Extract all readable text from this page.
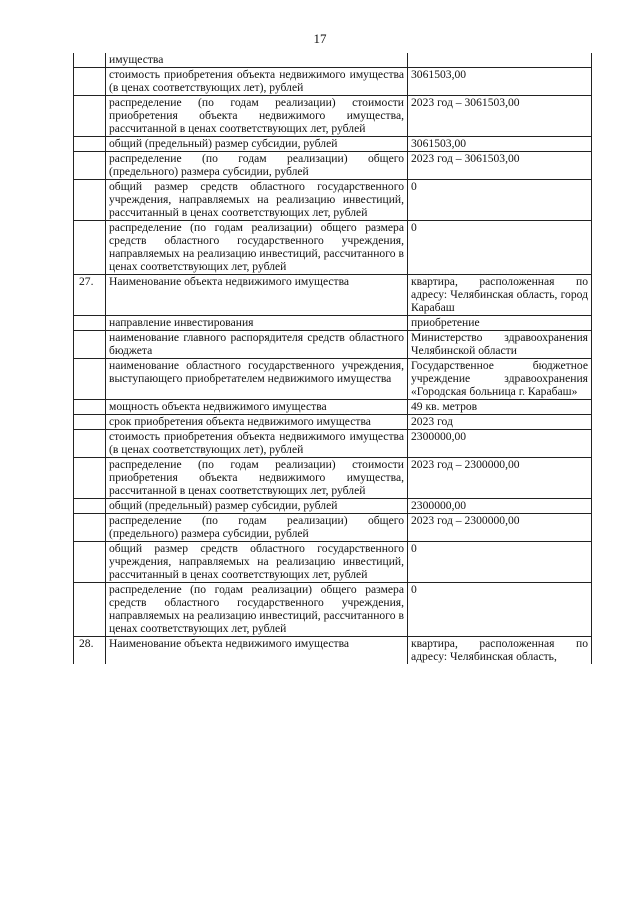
17
	имущества	
	стоимость приобретения объекта недвижимого имущества (в ценах соответствующих лет), рублей	3061503,00
	распределение (по годам реализации) стоимости приобретения объекта недвижимого имущества, рассчитанной в ценах соответствующих лет, рублей	2023 год – 3061503,00
	общий (предельный) размер субсидии, рублей	3061503,00
	распределение (по годам реализации) общего (предельного) размера субсидии, рублей	2023 год – 3061503,00
	общий размер средств областного государственного учреждения, направляемых на реализацию инвестиций, рассчитанный в ценах соответствующих лет, рублей	0
	распределение (по годам реализации) общего размера средств областного государственного учреждения, направляемых на реализацию инвестиций, рассчитанного в ценах соответствующих лет, рублей	0
27.	Наименование объекта недвижимого имущества	квартира, расположенная по адресу: Челябинская область, город Карабаш
	направление инвестирования	приобретение
	наименование главного распорядителя средств областного бюджета	Министерство здравоохранения Челябинской области
	наименование областного государственного учреждения, выступающего приобретателем недвижимого имущества	Государственное бюджетное учреждение здравоохранения «Городская больница г. Карабаш»
	мощность объекта недвижимого имущества	49 кв. метров
	срок приобретения объекта недвижимого имущества	2023 год
	стоимость приобретения объекта недвижимого имущества (в ценах соответствующих лет), рублей	2300000,00
	распределение (по годам реализации) стоимости приобретения объекта недвижимого имущества, рассчитанной в ценах соответствующих лет, рублей	2023 год – 2300000,00
	общий (предельный) размер субсидии, рублей	2300000,00
	распределение (по годам реализации) общего (предельного) размера субсидии, рублей	2023 год – 2300000,00
	общий размер средств областного государственного учреждения, направляемых на реализацию инвестиций, рассчитанный в ценах соответствующих лет, рублей	0
	распределение (по годам реализации) общего размера средств областного государственного учреждения, направляемых на реализацию инвестиций, рассчитанного в ценах соответствующих лет, рублей	0
28.	Наименование объекта недвижимого имущества	квартира, расположенная по адресу: Челябинская область,
